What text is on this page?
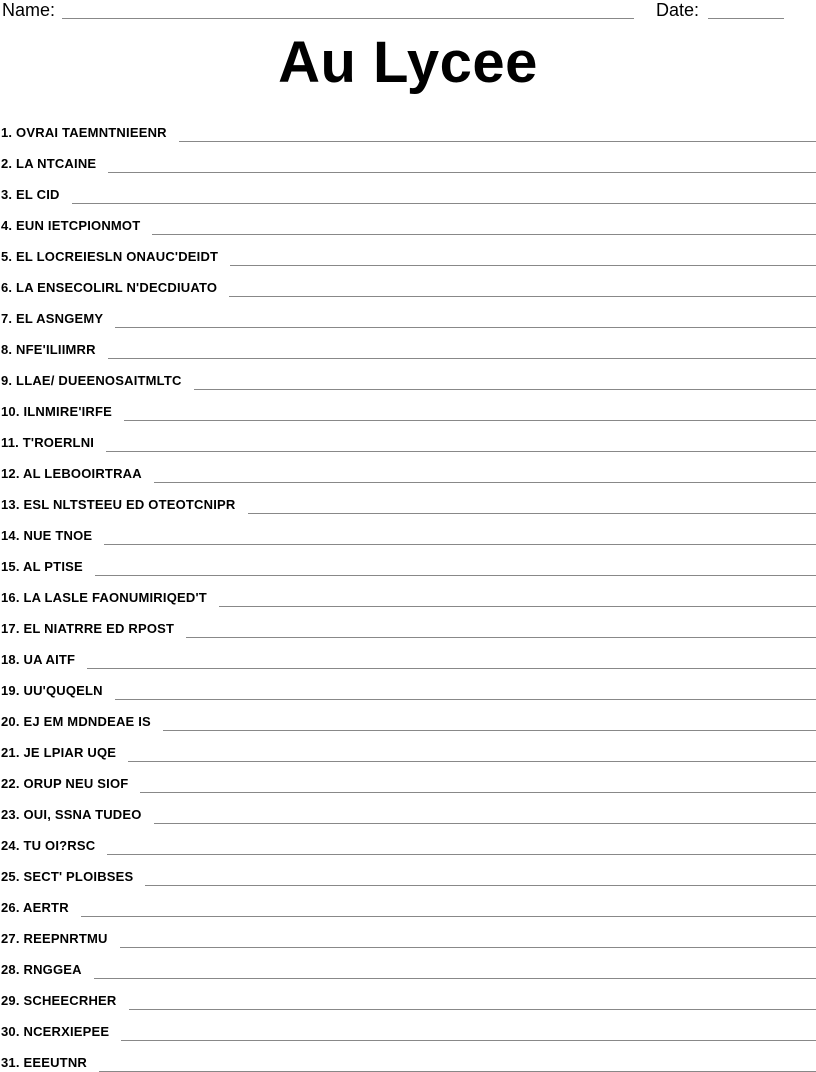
Name:	Date:
Au Lycee
1. OVRAI TAEMNTNIEENR
2. LA NTCAINE
3. EL CID
4. EUN IETCPIONMOT
5. EL LOCREIESLN ONAUC'DEIDT
6. LA ENSECOLIRL N'DECDIUATO
7. EL ASNGEMY
8. NFE'ILIIMRR
9. LLAE/ DUEENOSAITMLTC
10. ILNMIRE'IRFE
11. T'ROERLNI
12. AL LEBOOIRTRAA
13. ESL NLTSTEEU ED OTEOTCNIPR
14. NUE TNOE
15. AL PTISE
16. LA LASLE FAONUMIRIQED'T
17. EL NIATRRE ED RPOST
18. UA AITF
19. UU'QUQELN
20. EJ EM MDNDEAE IS
21. JE LPIAR UQE
22. ORUP NEU SIOF
23. OUI, SSNA TUDEO
24. TU OI?RSC
25. SECT' PLOIBSES
26. AERTR
27. REEPNRTMU
28. RNGGEA
29. SCHEECRHER
30. NCERXIEPEE
31. EEEUTNR
